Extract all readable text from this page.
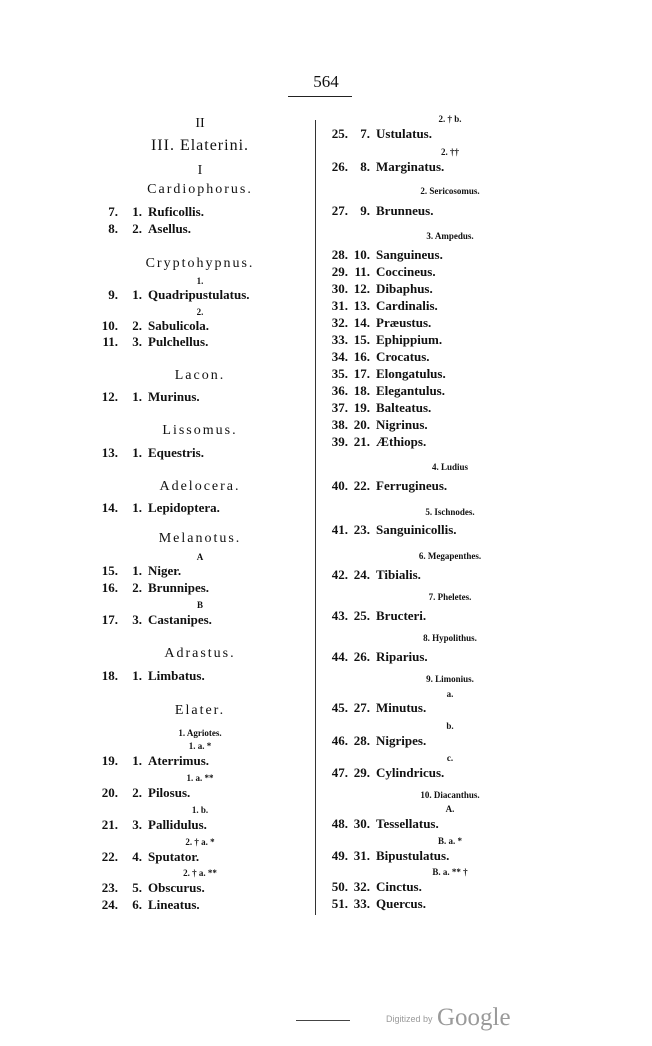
564
II
III. Elaterini.
I
Cardiophorus.
7. 1. Ruficollis.
8. 2. Asellus.
Cryptohypnus.
1.
9. 1. Quadripustulatus.
2.
10. 2. Sabulicola.
11. 3. Pulchellus.
Lacon.
12. 1. Murinus.
Lissomus.
13. 1. Equestris.
Adelocera.
14. 1. Lepidoptera.
Melanotus.
A
15. 1. Niger.
16. 2. Brunnipes.
B
17. 3. Castanipes.
Adrastus.
18. 1. Limbatus.
Elater.
1. Agriotes.
1. a. *
19. 1. Aterrimus.
1. a. **
20. 2. Pilosus.
1. b.
21. 3. Pallidulus.
2. † a. *
22. 4. Sputator.
2. † a. **
23. 5. Obscurus.
24. 6. Lineatus.
2. † b.
25. 7. Ustulatus.
2. ††
26. 8. Marginatus.
2. Sericosomus.
27. 9. Brunneus.
3. Ampedus.
28. 10. Sanguineus.
29. 11. Coccineus.
30. 12. Dibaphus.
31. 13. Cardinalis.
32. 14. Præustus.
33. 15. Ephippium.
34. 16. Crocatus.
35. 17. Elongatulus.
36. 18. Elegantulus.
37. 19. Balteatus.
38. 20. Nigrinus.
39. 21. Æthiops.
4. Ludius
40. 22. Ferrugineus.
5. Ischnodes.
41. 23. Sanguinicollis.
6. Megapenthes.
42. 24. Tibialis.
7. Pheletes.
43. 25. Bructeri.
8. Hypolithus.
44. 26. Riparius.
9. Limonius.
a.
45. 27. Minutus.
b.
46. 28. Nigripes.
c.
47. 29. Cylindricus.
10. Diacanthus.
A.
48. 30. Tessellatus.
B. a. *
49. 31. Bipustulatus.
B. a. ** †
50. 32. Cinctus.
51. 33. Quercus.
Digitized by Google
